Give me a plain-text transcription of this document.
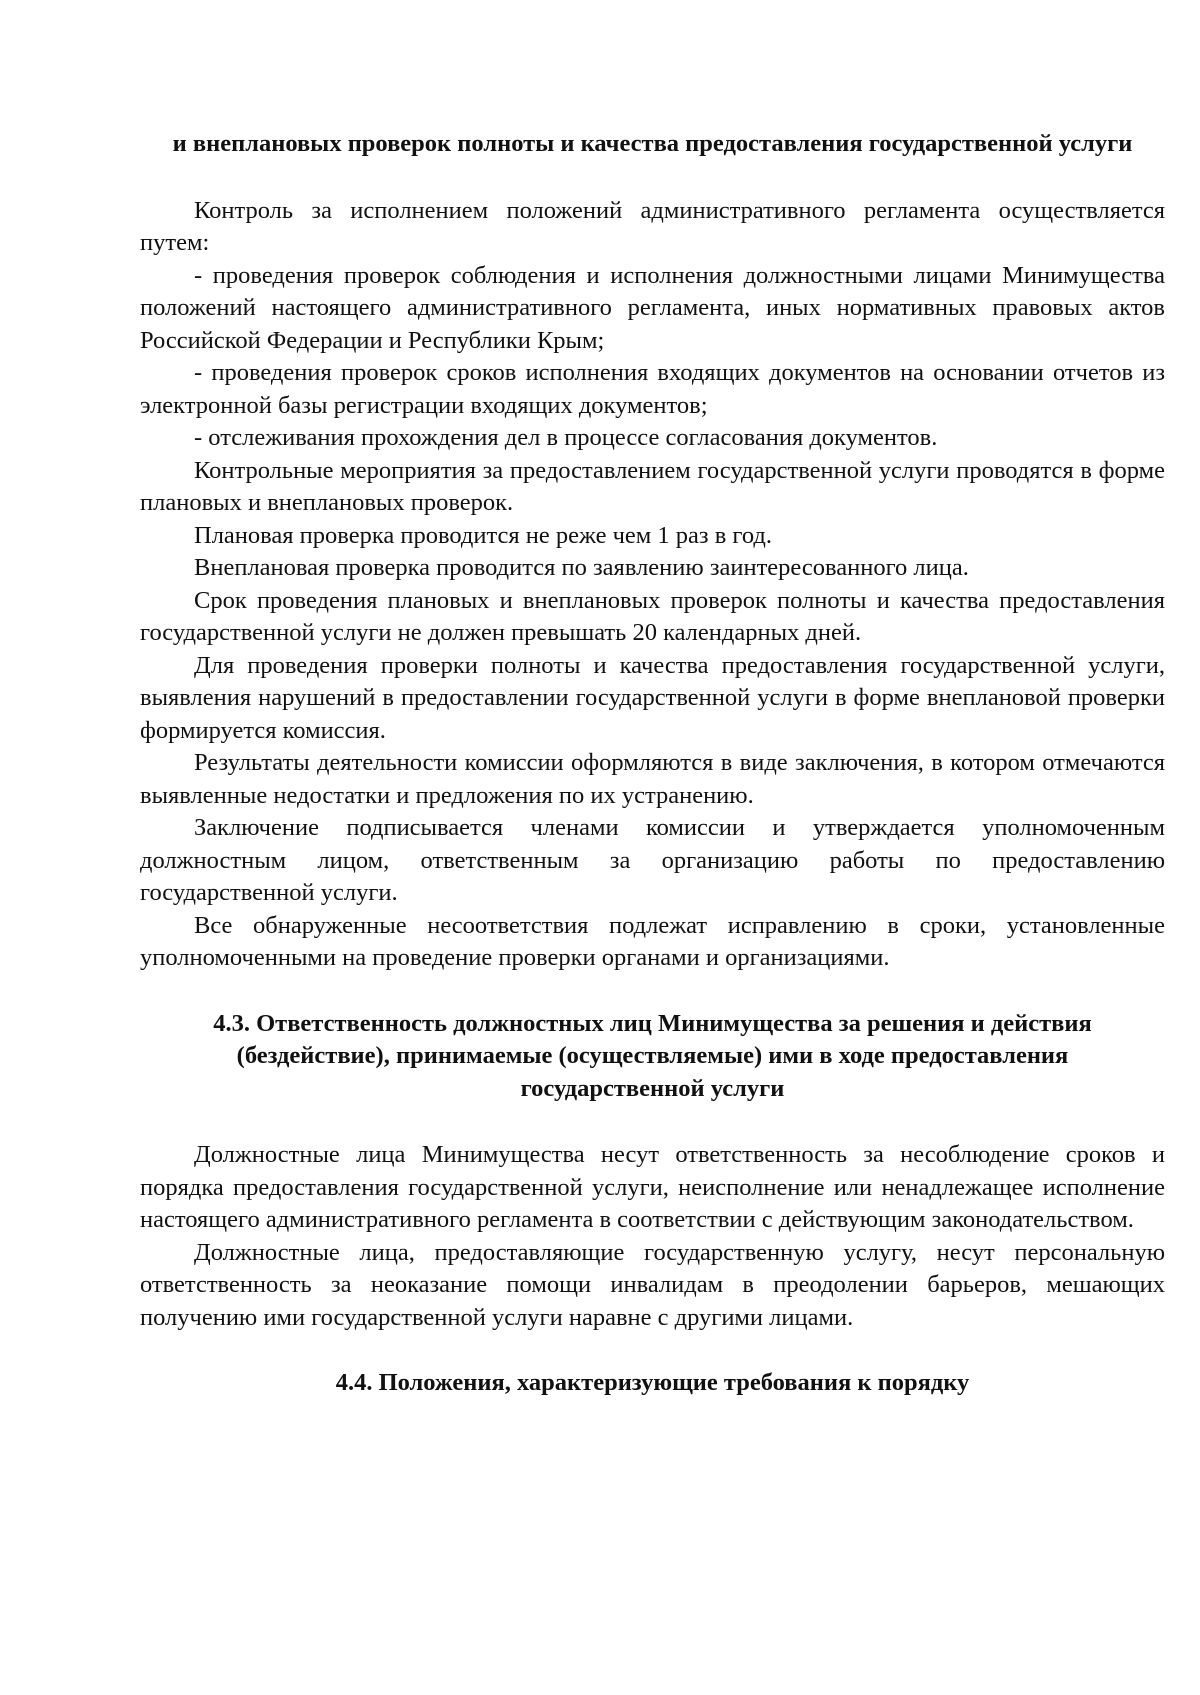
и внеплановых проверок полноты и качества предоставления государственной услуги

Контроль за исполнением положений административного регламента осуществляется путем:

- проведения проверок соблюдения и исполнения должностными лицами Минимущества положений настоящего административного регламента, иных нормативных правовых актов Российской Федерации и Республики Крым;

- проведения проверок сроков исполнения входящих документов на основании отчетов из электронной базы регистрации входящих документов;

- отслеживания прохождения дел в процессе согласования документов.

Контрольные мероприятия за предоставлением государственной услуги проводятся в форме плановых и внеплановых проверок.

Плановая проверка проводится не реже чем 1 раз в год.

Внеплановая проверка проводится по заявлению заинтересованного лица.

Срок проведения плановых и внеплановых проверок полноты и качества предоставления государственной услуги не должен превышать 20 календарных дней.

Для проведения проверки полноты и качества предоставления государственной услуги, выявления нарушений в предоставлении государственной услуги в форме внеплановой проверки формируется комиссия.

Результаты деятельности комиссии оформляются в виде заключения, в котором отмечаются выявленные недостатки и предложения по их устранению.

Заключение подписывается членами комиссии и утверждается уполномоченным должностным лицом, ответственным за организацию работы по предоставлению государственной услуги.

Все обнаруженные несоответствия подлежат исправлению в сроки, установленные уполномоченными на проведение проверки органами и организациями.

4.3. Ответственность должностных лиц Минимущества за решения и действия (бездействие), принимаемые (осуществляемые) ими в ходе предоставления государственной услуги

Должностные лица Минимущества несут ответственность за несоблюдение сроков и порядка предоставления государственной услуги, неисполнение или ненадлежащее исполнение настоящего административного регламента в соответствии с действующим законодательством.

Должностные лица, предоставляющие государственную услугу, несут персональную ответственность за неоказание помощи инвалидам в преодолении барьеров, мешающих получению ими государственной услуги наравне с другими лицами.

4.4. Положения, характеризующие требования к порядку
